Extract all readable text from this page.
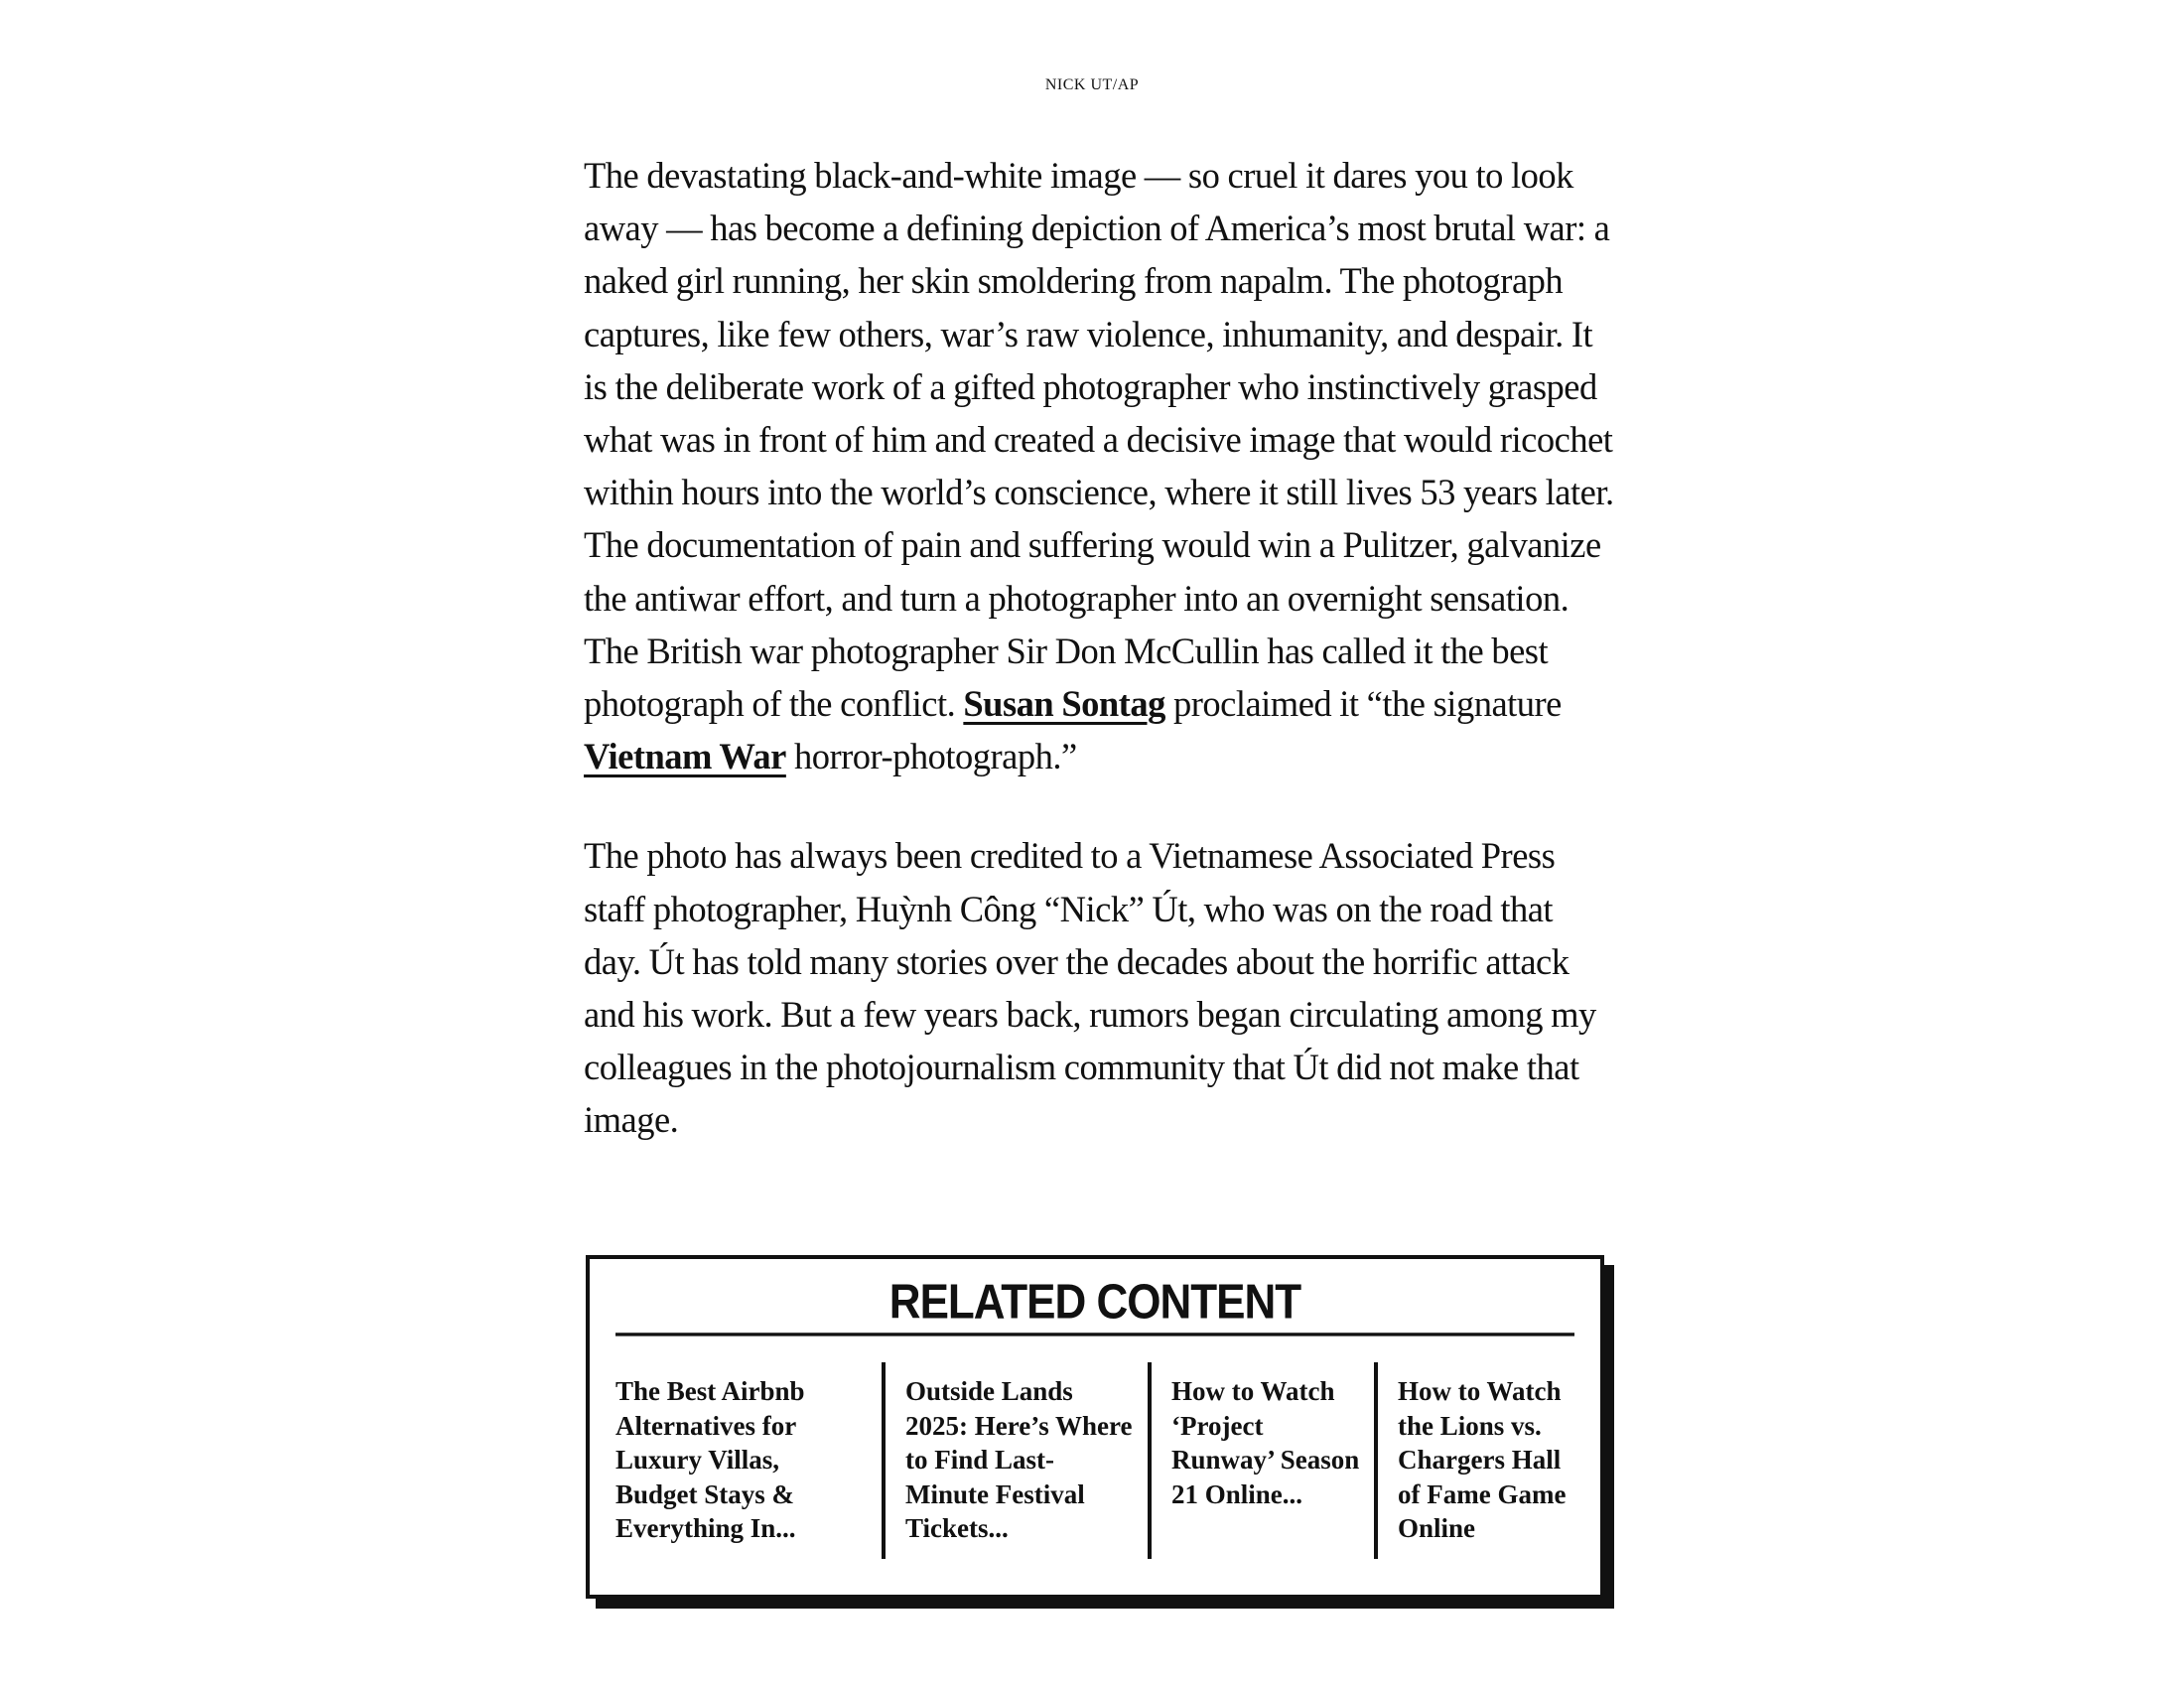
NICK UT/AP

The devastating black-and-white image — so cruel it dares you to look away — has become a defining depiction of America’s most brutal war: a naked girl running, her skin smoldering from napalm. The photograph captures, like few others, war’s raw violence, inhumanity, and despair. It is the deliberate work of a gifted photographer who instinctively grasped what was in front of him and created a decisive image that would ricochet within hours into the world’s conscience, where it still lives 53 years later. The documentation of pain and suffering would win a Pulitzer, galvanize the antiwar effort, and turn a photographer into an overnight sensation. The British war photographer Sir Don McCullin has called it the best photograph of the conflict. Susan Sontag proclaimed it “the signature Vietnam War horror-photograph.”

The photo has always been credited to a Vietnamese Associated Press staff photographer, Huỳnh Công “Nick” Út, who was on the road that day. Út has told many stories over the decades about the horrific attack and his work. But a few years back, rumors began circulating among my colleagues in the photojournalism community that Út did not make that image.

RELATED CONTENT
The Best Airbnb Alternatives for Luxury Villas, Budget Stays & Everything In...
Outside Lands 2025: Here’s Where to Find Last-Minute Festival Tickets...
How to Watch ‘Project Runway’ Season 21 Online...
How to Watch the Lions vs. Chargers Hall of Fame Game Online
